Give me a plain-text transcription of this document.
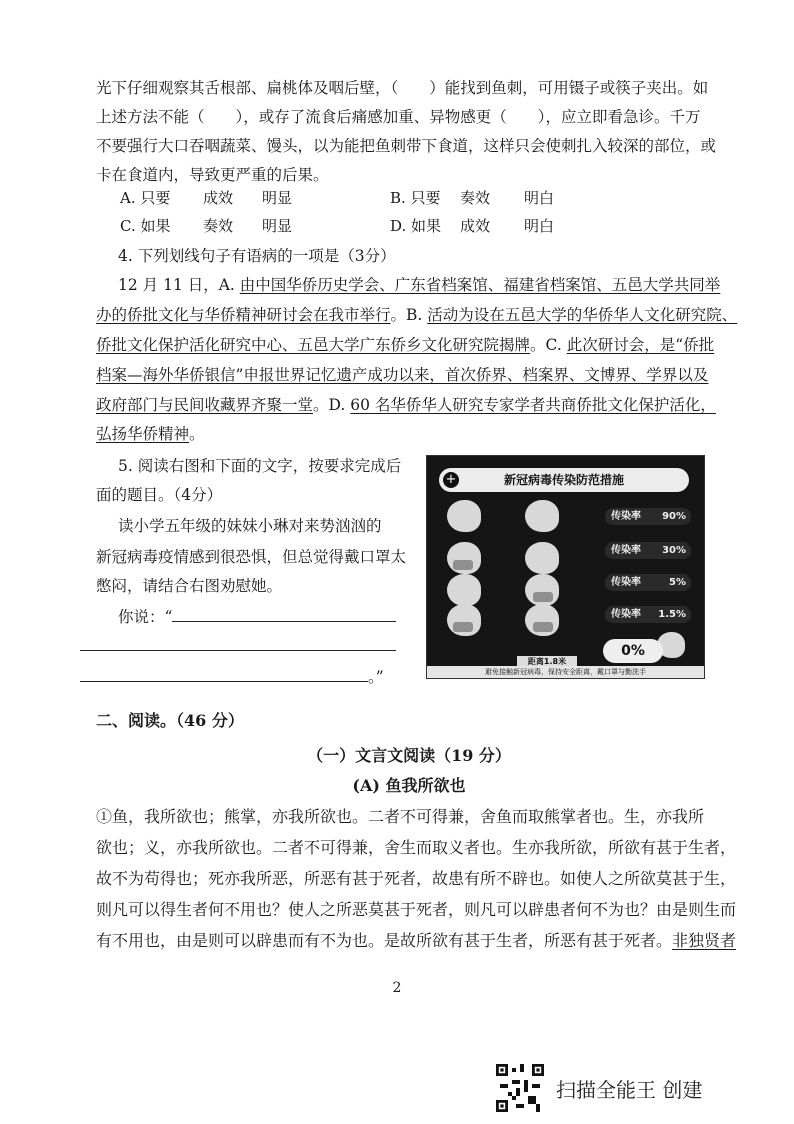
光下仔细观察其舌根部、扁桃体及咽后壁，（　　）能找到鱼刺，可用镊子或筷子夹出。如
上述方法不能（　　），或存了流食后痛感加重、异物感更（　　），应立即看急诊。千万
不要强行大口吞咽蔬菜、馒头，以为能把鱼刺带下食道，这样只会使刺扎入较深的部位，或
卡在食道内，导致更严重的后果。
A. 只要 成效 明显	B. 只要 奏效 明白
C. 如果 奏效 明显	D. 如果 成效 明白
4. 下列划线句子有语病的一项是（3分）
12 月 11 日，A. 由中国华侨历史学会、广东省档案馆、福建省档案馆、五邑大学共同举
办的侨批文化与华侨精神研讨会在我市举行。B. 活动为设在五邑大学的华侨华人文化研究院、
侨批文化保护活化研究中心、五邑大学广东侨乡文化研究院揭牌。C. 此次研讨会，是“侨批
档案—海外华侨银信”申报世界记忆遗产成功以来，首次侨界、档案界、文博界、学界以及
政府部门与民间收藏界齐聚一堂。D. 60 名华侨华人研究专家学者共商侨批文化保护活化，
弘扬华侨精神。
5. 阅读右图和下面的文字，按要求完成后
面的题目。（4分）
读小学五年级的妹妹小琳对来势汹汹的
新冠病毒疫情感到很恐惧，但总觉得戴口罩太
憋闷，请结合右图劝慰她。
你说：“
。”
新冠病毒传染防范措施
+
传染率 90%
传染率 30%
传染率	5%
传染率 1.5%
距离1.8米
0%
避免接触新冠病毒，保持安全距离，戴口罩与勤洗手
二、阅读。（46 分）
（一）文言文阅读（19 分）
(A) 鱼我所欲也
①鱼，我所欲也；熊掌，亦我所欲也。二者不可得兼，舍鱼而取熊掌者也。生，亦我所
欲也；义，亦我所欲也。二者不可得兼，舍生而取义者也。生亦我所欲，所欲有甚于生者，
故不为苟得也；死亦我所恶，所恶有甚于死者，故患有所不辟也。如使人之所欲莫甚于生，
则凡可以得生者何不用也？使人之所恶莫甚于死者，则凡可以辟患者何不为也？由是则生而
有不用也，由是则可以辟患而有不为也。是故所欲有甚于生者，所恶有甚于死者。非独贤者
2
扫描全能王 创建
